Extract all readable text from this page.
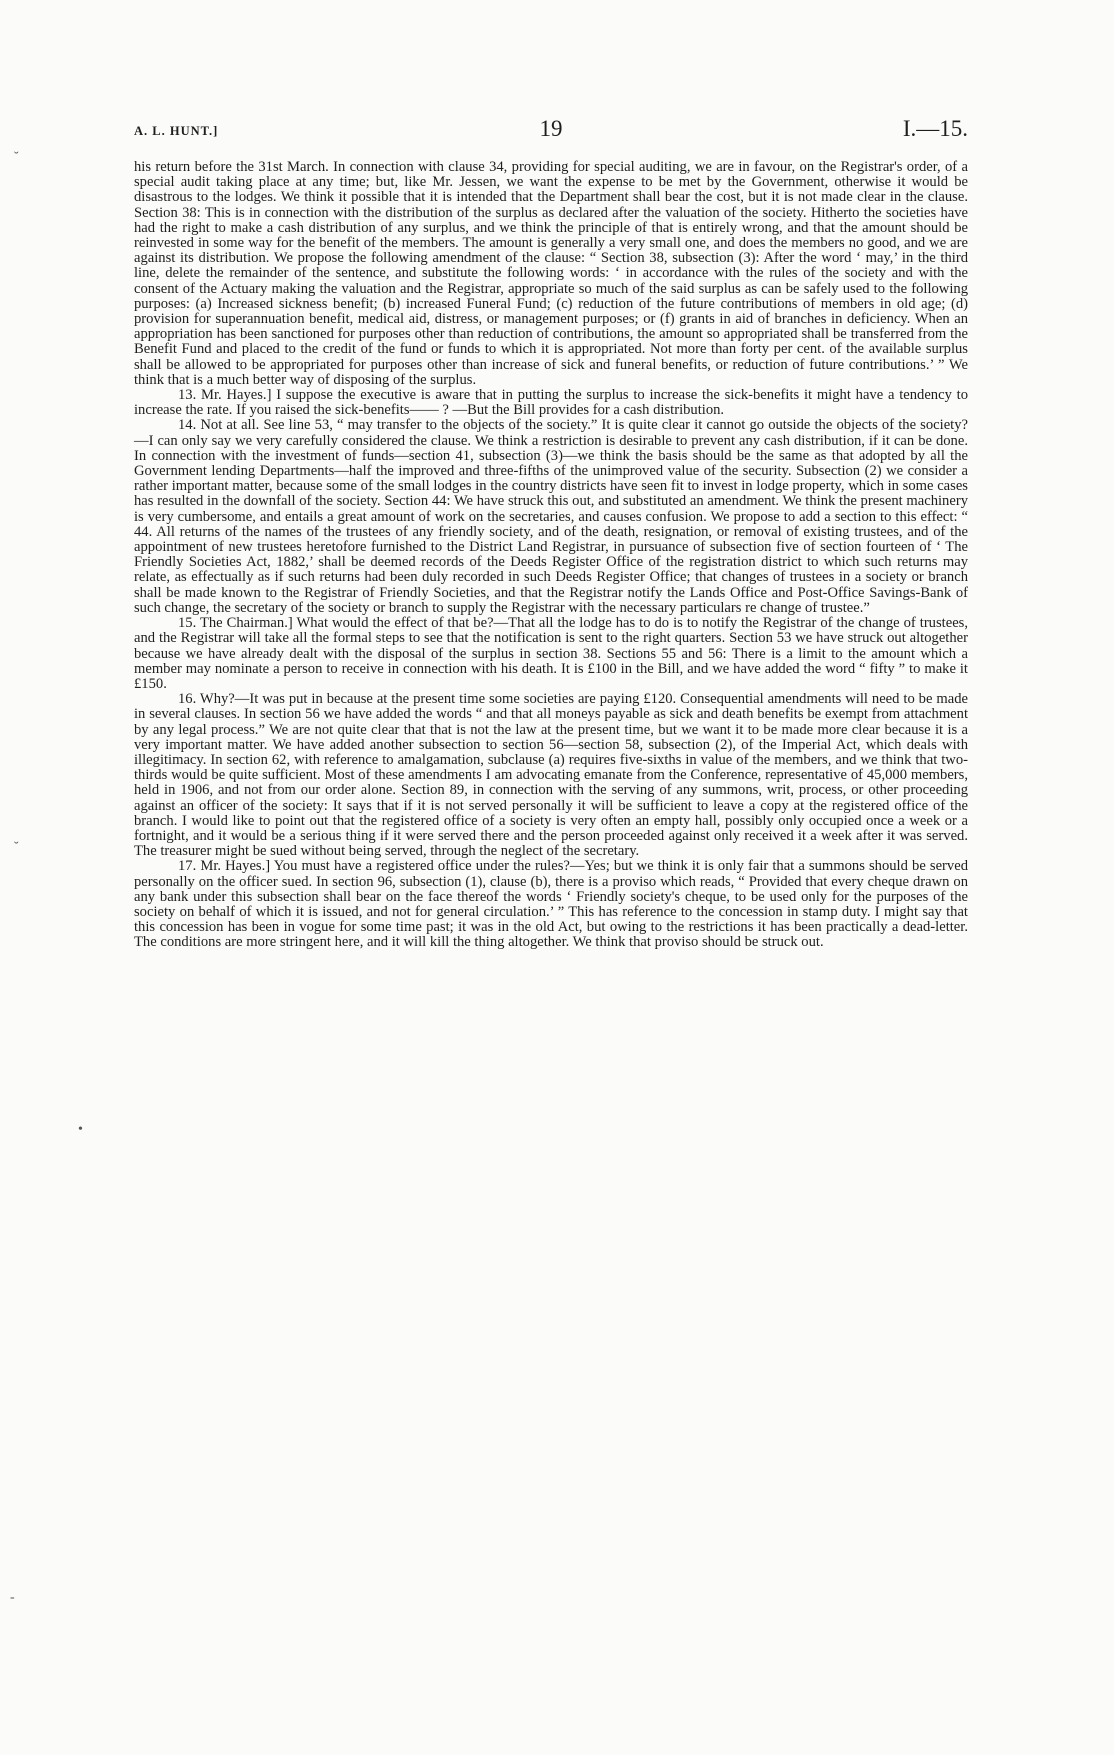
A. L. HUNT.]	19	I.—15.
˘
˘
•
-

his return before the 31st March. In connection with clause 34, providing for special auditing, we are in favour, on the Registrar's order, of a special audit taking place at any time; but, like Mr. Jessen, we want the expense to be met by the Government, otherwise it would be disastrous to the lodges. We think it possible that it is intended that the Department shall bear the cost, but it is not made clear in the clause. Section 38: This is in connection with the distribution of the surplus as declared after the valuation of the society. Hitherto the societies have had the right to make a cash distribution of any surplus, and we think the principle of that is entirely wrong, and that the amount should be reinvested in some way for the benefit of the members. The amount is generally a very small one, and does the members no good, and we are against its distribution. We propose the following amendment of the clause: “ Section 38, subsection (3): After the word ‘ may,’ in the third line, delete the remainder of the sentence, and substitute the following words: ‘ in accordance with the rules of the society and with the consent of the Actuary making the valuation and the Registrar, appropriate so much of the said surplus as can be safely used to the following purposes: (a) Increased sickness benefit; (b) increased Funeral Fund; (c) reduction of the future contributions of members in old age; (d) provision for superannuation benefit, medical aid, distress, or management purposes; or (f) grants in aid of branches in deficiency. When an appropriation has been sanctioned for purposes other than reduction of contributions, the amount so appropriated shall be transferred from the Benefit Fund and placed to the credit of the fund or funds to which it is appropriated. Not more than forty per cent. of the available surplus shall be allowed to be appropriated for purposes other than increase of sick and funeral benefits, or reduction of future contributions.’ ” We think that is a much better way of disposing of the surplus.

13. Mr. Hayes.] I suppose the executive is aware that in putting the surplus to increase the sick-benefits it might have a tendency to increase the rate. If you raised the sick-benefits—— ? —But the Bill provides for a cash distribution.

14. Not at all. See line 53, “ may transfer to the objects of the society.” It is quite clear it cannot go outside the objects of the society?—I can only say we very carefully considered the clause. We think a restriction is desirable to prevent any cash distribution, if it can be done. In connection with the investment of funds—section 41, subsection (3)—we think the basis should be the same as that adopted by all the Government lending Departments—half the improved and three-fifths of the unimproved value of the security. Subsection (2) we consider a rather important matter, because some of the small lodges in the country districts have seen fit to invest in lodge property, which in some cases has resulted in the downfall of the society. Section 44: We have struck this out, and substituted an amendment. We think the present machinery is very cumbersome, and entails a great amount of work on the secretaries, and causes confusion. We propose to add a section to this effect: “ 44. All returns of the names of the trustees of any friendly society, and of the death, resignation, or removal of existing trustees, and of the appointment of new trustees heretofore furnished to the District Land Registrar, in pursuance of subsection five of section fourteen of ‘ The Friendly Societies Act, 1882,’ shall be deemed records of the Deeds Register Office of the registration district to which such returns may relate, as effectually as if such returns had been duly recorded in such Deeds Register Office; that changes of trustees in a society or branch shall be made known to the Registrar of Friendly Societies, and that the Registrar notify the Lands Office and Post-Office Savings-Bank of such change, the secretary of the society or branch to supply the Registrar with the necessary particulars re change of trustee.”

15. The Chairman.] What would the effect of that be?—That all the lodge has to do is to notify the Registrar of the change of trustees, and the Registrar will take all the formal steps to see that the notification is sent to the right quarters. Section 53 we have struck out altogether because we have already dealt with the disposal of the surplus in section 38. Sections 55 and 56: There is a limit to the amount which a member may nominate a person to receive in connection with his death. It is £100 in the Bill, and we have added the word “ fifty ” to make it £150.

16. Why?—It was put in because at the present time some societies are paying £120. Consequential amendments will need to be made in several clauses. In section 56 we have added the words “ and that all moneys payable as sick and death benefits be exempt from attachment by any legal process.” We are not quite clear that that is not the law at the present time, but we want it to be made more clear because it is a very important matter. We have added another subsection to section 56—section 58, subsection (2), of the Imperial Act, which deals with illegitimacy. In section 62, with reference to amalgamation, subclause (a) requires five-sixths in value of the members, and we think that two-thirds would be quite sufficient. Most of these amendments I am advocating emanate from the Conference, representative of 45,000 members, held in 1906, and not from our order alone. Section 89, in connection with the serving of any summons, writ, process, or other proceeding against an officer of the society: It says that if it is not served personally it will be sufficient to leave a copy at the registered office of the branch. I would like to point out that the registered office of a society is very often an empty hall, possibly only occupied once a week or a fortnight, and it would be a serious thing if it were served there and the person proceeded against only received it a week after it was served. The treasurer might be sued without being served, through the neglect of the secretary.

17. Mr. Hayes.] You must have a registered office under the rules?—Yes; but we think it is only fair that a summons should be served personally on the officer sued. In section 96, subsection (1), clause (b), there is a proviso which reads, “ Provided that every cheque drawn on any bank under this subsection shall bear on the face thereof the words ‘ Friendly society's cheque, to be used only for the purposes of the society on behalf of which it is issued, and not for general circulation.’ ” This has reference to the concession in stamp duty. I might say that this concession has been in vogue for some time past; it was in the old Act, but owing to the restrictions it has been practically a dead-letter. The conditions are more stringent here, and it will kill the thing altogether. We think that proviso should be struck out.
